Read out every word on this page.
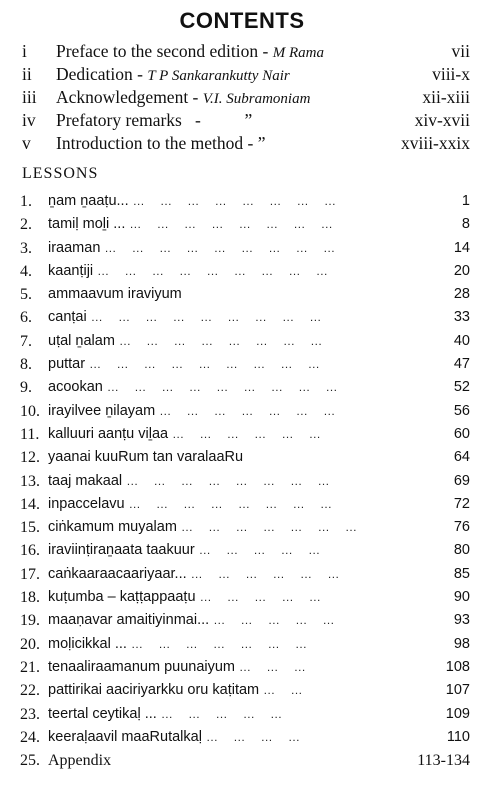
CONTENTS
i Preface to the second edition - M Rama	vii
ii Dedication - T P Sankarankutty Nair	viii-x
iii Acknowledgement - V.I. Subramoniam	xii-xiii
iv Prefatory remarks   -          ”	xiv-xvii
v Introduction to the method - ”	xviii-xxix
LESSONS
1. ṉam ṉaaṭu... … … … … … … … …	1
2. tamiḷ moḻi ... … … … … … … … …	8
3. iraaman … … … … … … … … …	14
4. kaanṭiji … … … … … … … … …	20
5. ammaavum iraviyum	28
6. canṭai … … … … … … … … …	33
7. uṭal ṉalam … … … … … … … …	40
8. puttar … … … … … … … … …	47
9. acookan … … … … … … … … …	52
10. irayilvee ṉilayam … … … … … … …	56
11. kalluuri aanṭu viḻaa … … … … … …	60
12. yaanai kuuRum tan varalaaRu	64
13. taaj makaal … … … … … … … …	69
14. inpaccelavu … … … … … … … …	72
15. ciṅkamum muyalam … … … … … … …	76
16. iraviinṭiraṉaata taakuur … … … … …	80
17. caṅkaaraacaariyaar... … … … … … …	85
18. kuṭumba – kaṭṭappaaṭu … … … … …	90
19. maaṇavar amaitiyinmai... … … … … …	93
20. moḷicikkal ... … … … … … … …	98
21. tenaaliraamanum puunaiyum … … …	108
22. pattirikai aaciriyarkku oru kaṭitam … …	107
23. teertal ceytikaḷ ... … … … … …	109
24. keeraḷaavil maaRutalkaḷ … … … …	110
25. Appendix	113-134
